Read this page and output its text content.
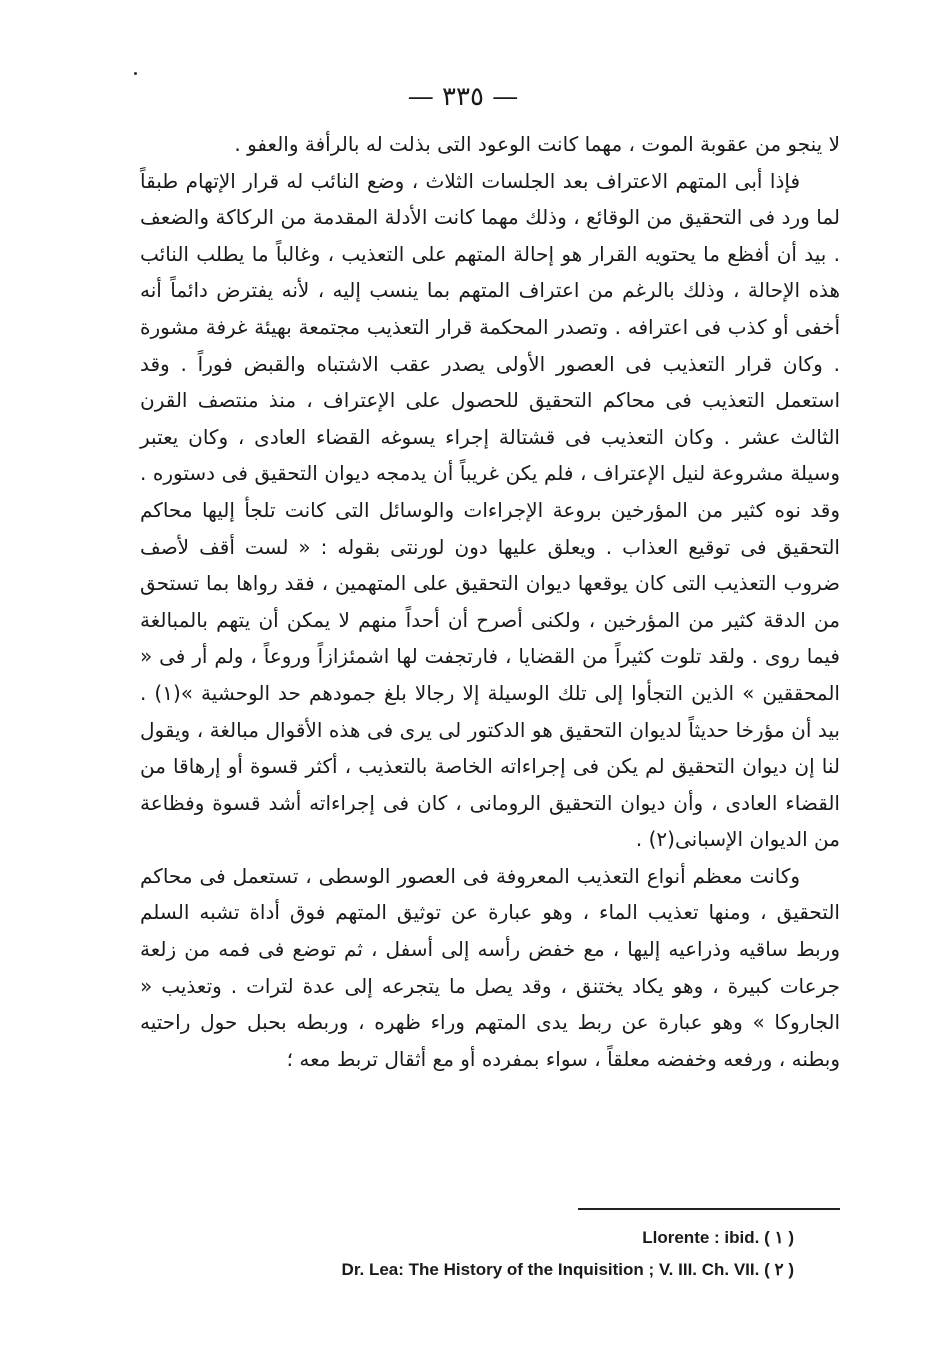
— ٣٣٥ —

لا ينجو من عقوبة الموت ، مهما كانت الوعود التى بذلت له بالرأفة والعفو .

فإذا أبى المتهم الاعتراف بعد الجلسات الثلاث ، وضع النائب له قرار الإتهام طبقاً لما ورد فى التحقيق من الوقائع ، وذلك مهما كانت الأدلة المقدمة من الركاكة والضعف . بيد أن أفظع ما يحتويه القرار هو إحالة المتهم على التعذيب ، وغالباً ما يطلب النائب هذه الإحالة ، وذلك بالرغم من اعتراف المتهم بما ينسب إليه ، لأنه يفترض دائماً أنه أخفى أو كذب فى اعترافه . وتصدر المحكمة قرار التعذيب مجتمعة بهيئة غرفة مشورة . وكان قرار التعذيب فى العصور الأولى يصدر عقب الاشتباه والقبض فوراً . وقد استعمل التعذيب فى محاكم التحقيق للحصول على الإعتراف ، منذ منتصف القرن الثالث عشر . وكان التعذيب فى قشتالة إجراء يسوغه القضاء العادى ، وكان يعتبر وسيلة مشروعة لنيل الإعتراف ، فلم يكن غريباً أن يدمجه ديوان التحقيق فى دستوره . وقد نوه كثير من المؤرخين بروعة الإجراءات والوسائل التى كانت تلجأ إليها محاكم التحقيق فى توقيع العذاب . ويعلق عليها دون لورنتى بقوله : « لست أقف لأصف ضروب التعذيب التى كان يوقعها ديوان التحقيق على المتهمين ، فقد رواها بما تستحق من الدقة كثير من المؤرخين ، ولكنى أصرح أن أحداً منهم لا يمكن أن يتهم بالمبالغة فيما روى . ولقد تلوت كثيراً من القضايا ، فارتجفت لها اشمئزازاً وروعاً ، ولم أر فى « المحققين » الذين التجأوا إلى تلك الوسيلة إلا رجالا بلغ جمودهم حد الوحشية »(١) . بيد أن مؤرخا حديثاً لديوان التحقيق هو الدكتور لى يرى فى هذه الأقوال مبالغة ، ويقول لنا إن ديوان التحقيق لم يكن فى إجراءاته الخاصة بالتعذيب ، أكثر قسوة أو إرهاقا من القضاء العادى ، وأن ديوان التحقيق الرومانى ، كان فى إجراءاته أشد قسوة وفظاعة من الديوان الإسبانى(٢) .

وكانت معظم أنواع التعذيب المعروفة فى العصور الوسطى ، تستعمل فى محاكم التحقيق ، ومنها تعذيب الماء ، وهو عبارة عن توثيق المتهم فوق أداة تشبه السلم وربط ساقيه وذراعيه إليها ، مع خفض رأسه إلى أسفل ، ثم توضع فى فمه من زلعة جرعات كبيرة ، وهو يكاد يختنق ، وقد يصل ما يتجرعه إلى عدة لترات . وتعذيب « الجاروكا » وهو عبارة عن ربط يدى المتهم وراء ظهره ، وربطه بحبل حول راحتيه وبطنه ، ورفعه وخفضه معلقاً ، سواء بمفرده أو مع أثقال تربط معه ؛

Llorente : ibid. ( ١ )
Dr. Lea: The History of the Inquisition ; V. III. Ch. VII. ( ٢ )
